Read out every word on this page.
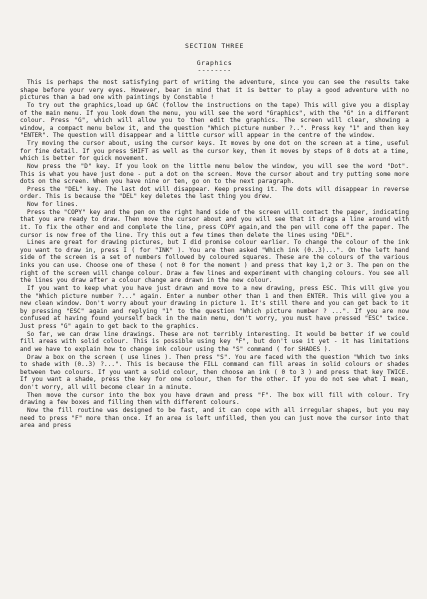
SECTION THREE
Graphics
--------

This is perhaps the most satisfying part of writing the adventure, since you can see the results take shape before your very eyes. However, bear in mind that it is better to play a good adventure with no pictures than a bad one with paintings by Constable !

To try out the graphics,load up GAC (follow the instructions on the tape) This will give you a display of the main menu. If you look down the menu, you will see the word "Graphics", with the "G" in a different colour. Press "G", which will allow you to then edit the graphics. The screen will clear, showing a window, a compact menu below it, and the question "Which picture number ?..". Press key "1" and then key "ENTER". The question will disappear and a little cursor will appear in the centre of the window.

Try moving the cursor about, using the cursor keys. It moves by one dot on the screen at a time, useful for fine detail. If you press SHIFT as well as the cursor key, then it moves by steps of 8 dots at a time, which is better for quick movement.

Now press the "D" key. If you look on the little menu below the window, you will see the word "Dot". This is what you have just done - put a dot on the screen. Move the cursor about and try putting some more dots on the screen. When you have nine or ten, go on to the next paragraph.

Press the "DEL" key. The last dot will disappear. Keep pressing it. The dots will disappear in reverse order. This is because the "DEL" key deletes the last thing you drew.

Now for lines.

Press the "COPY" key and the pen on the right hand side of the screen will contact the paper, indicating that you are ready to draw. Then move the cursor about and you will see that it drags a line around with it. To fix the other end and complete the line, press COPY again,and the pen will come off the paper. The cursor is now free of the line. Try this out a few times then delete the lines using "DEL".

Lines are great for drawing pictures, but I did promise colour earlier. To change the colour of the ink you want to draw in, press I ( for "INK" ). You are then asked "Which ink (0..3)...". On the left hand side of the screen is a set of numbers followed by coloured squares. These are the colours of the various inks you can use. Choose one of these ( not 0 for the moment ) and press that key 1,2 or 3. The pen on the right of the screen will change colour. Draw a few lines and experiment with changing colours. You see all the lines you draw after a colour change are drawn in the new colour.

If you want to keep what you have just drawn and move to a new drawing, press ESC. This will give you the "Which picture number ?..." again. Enter a number other than 1 and then ENTER. This will give you a new clean window. Don't worry about your drawing in picture 1. It's still there and you can get back to it by pressing "ESC" again and replying "1" to the question "Which picture number ? ...". If you are now confused at having found yourself back in the main menu, don't worry, you must have pressed "ESC" twice. Just press "G" again to get back to the graphics.

So far, we can draw line drawings. These are not terribly interesting. It would be better if we could fill areas with solid colour. This is possible using key "F", but don't use it yet - it has limitations and we have to explain how to change ink colour using the "S" command ( for SHADES ).

Draw a box on the screen ( use lines ). Then press "S". You are faced with the question "Which two inks to shade with (0..3) ?...". This is because the FILL command can fill areas in solid colours or shades between two colours. If you want a solid colour, then choose an ink ( 0 to 3 ) and press that key TWICE. If you want a shade, press the key for one colour, then for the other. If you do not see what I mean, don't worry, all will become clear in a minute.

Then move the cursor into the box you have drawn and press "F". The box will fill with colour. Try drawing a few boxes and filling them with different colours.

Now the fill routine was designed to be fast, and it can cope with all irregular shapes, but you may need to press "F" more than once. If an area is left unfilled, then you can just move the cursor into that area and press
